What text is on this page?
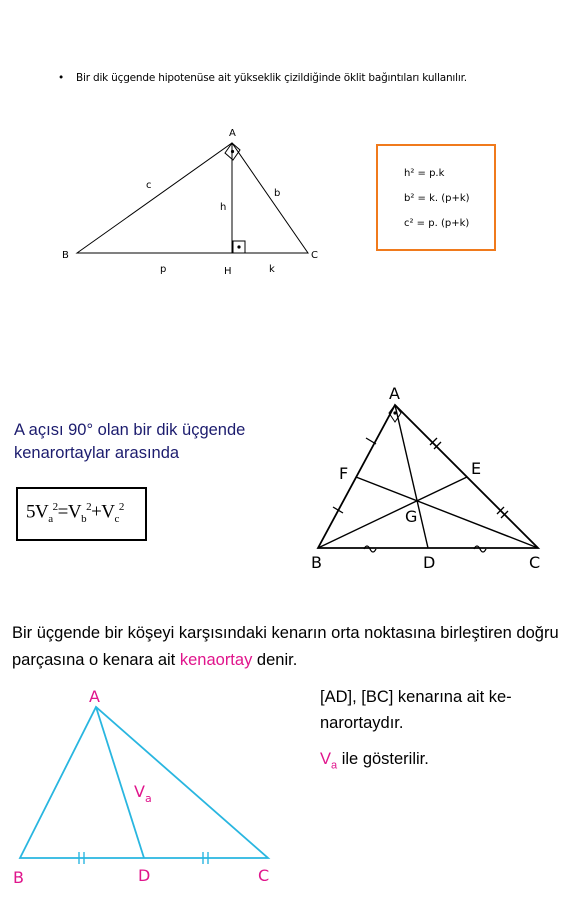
• Bir dik üçgende hipotenüse ait yükseklik çizildiğinde öklit bağıntıları kullanılır.
A
B	C
H
c
b
h
p	k
A
B	C
D
E
F
G
A
B	D	C
$V_a$
h² = p.k
b² = k. (p+k)
c² = p. (p+k)
A açısı 90° olan bir dik üçgende
kenarortaylar arasında
$5V_a^2=V_b^2+V_c^2$
Bir üçgende bir köşeyi karşısındaki kenarın orta noktasına birleştiren doğru parçasına o kenara ait kenaortay denir.
[AD], [BC] kenarına ait ke-
narortaydır.
$V_a$ ile gösterilir.
